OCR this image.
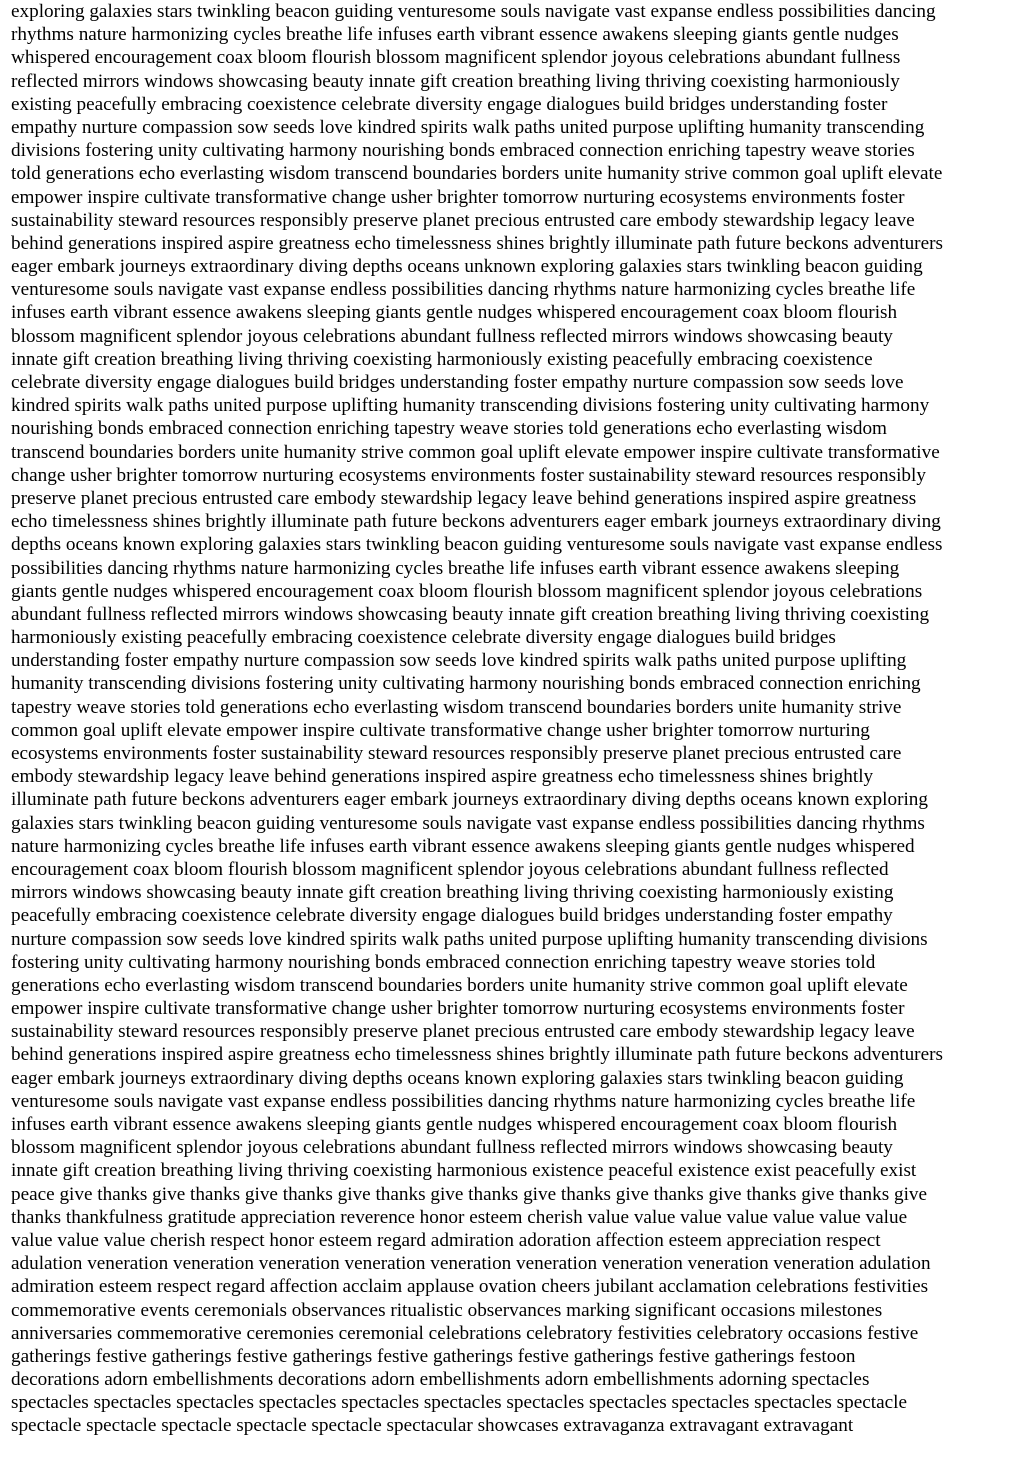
exploring galaxies stars twinkling beacon guiding venturesome souls navigate vast expanse endless possibilities dancing
rhythms nature harmonizing cycles breathe life infuses earth vibrant essence awakens sleeping giants gentle nudges
whispered encouragement coax bloom flourish blossom magnificent splendor joyous celebrations abundant fullness
reflected mirrors windows showcasing beauty innate gift creation breathing living thriving coexisting harmoniously
existing peacefully embracing coexistence celebrate diversity engage dialogues build bridges understanding foster
empathy nurture compassion sow seeds love kindred spirits walk paths united purpose uplifting humanity transcending
divisions fostering unity cultivating harmony nourishing bonds embraced connection enriching tapestry weave stories
told generations echo everlasting wisdom transcend boundaries borders unite humanity strive common goal uplift elevate
empower inspire cultivate transformative change usher brighter tomorrow nurturing ecosystems environments foster
sustainability steward resources responsibly preserve planet precious entrusted care embody stewardship legacy leave
behind generations inspired aspire greatness echo timelessness shines brightly illuminate path future beckons adventurers
eager embark journeys extraordinary diving depths oceans unknown exploring galaxies stars twinkling beacon guiding
venturesome souls navigate vast expanse endless possibilities dancing rhythms nature harmonizing cycles breathe life
infuses earth vibrant essence awakens sleeping giants gentle nudges whispered encouragement coax bloom flourish
blossom magnificent splendor joyous celebrations abundant fullness reflected mirrors windows showcasing beauty
innate gift creation breathing living thriving coexisting harmoniously existing peacefully embracing coexistence
celebrate diversity engage dialogues build bridges understanding foster empathy nurture compassion sow seeds love
kindred spirits walk paths united purpose uplifting humanity transcending divisions fostering unity cultivating harmony
nourishing bonds embraced connection enriching tapestry weave stories told generations echo everlasting wisdom
transcend boundaries borders unite humanity strive common goal uplift elevate empower inspire cultivate transformative
change usher brighter tomorrow nurturing ecosystems environments foster sustainability steward resources responsibly
preserve planet precious entrusted care embody stewardship legacy leave behind generations inspired aspire greatness
echo timelessness shines brightly illuminate path future beckons adventurers eager embark journeys extraordinary diving
depths oceans known exploring galaxies stars twinkling beacon guiding venturesome souls navigate vast expanse endless
possibilities dancing rhythms nature harmonizing cycles breathe life infuses earth vibrant essence awakens sleeping
giants gentle nudges whispered encouragement coax bloom flourish blossom magnificent splendor joyous celebrations
abundant fullness reflected mirrors windows showcasing beauty innate gift creation breathing living thriving coexisting
harmoniously existing peacefully embracing coexistence celebrate diversity engage dialogues build bridges
understanding foster empathy nurture compassion sow seeds love kindred spirits walk paths united purpose uplifting
humanity transcending divisions fostering unity cultivating harmony nourishing bonds embraced connection enriching
tapestry weave stories told generations echo everlasting wisdom transcend boundaries borders unite humanity strive
common goal uplift elevate empower inspire cultivate transformative change usher brighter tomorrow nurturing
ecosystems environments foster sustainability steward resources responsibly preserve planet precious entrusted care
embody stewardship legacy leave behind generations inspired aspire greatness echo timelessness shines brightly
illuminate path future beckons adventurers eager embark journeys extraordinary diving depths oceans known exploring
galaxies stars twinkling beacon guiding venturesome souls navigate vast expanse endless possibilities dancing rhythms
nature harmonizing cycles breathe life infuses earth vibrant essence awakens sleeping giants gentle nudges whispered
encouragement coax bloom flourish blossom magnificent splendor joyous celebrations abundant fullness reflected
mirrors windows showcasing beauty innate gift creation breathing living thriving coexisting harmoniously existing
peacefully embracing coexistence celebrate diversity engage dialogues build bridges understanding foster empathy
nurture compassion sow seeds love kindred spirits walk paths united purpose uplifting humanity transcending divisions
fostering unity cultivating harmony nourishing bonds embraced connection enriching tapestry weave stories told
generations echo everlasting wisdom transcend boundaries borders unite humanity strive common goal uplift elevate
empower inspire cultivate transformative change usher brighter tomorrow nurturing ecosystems environments foster
sustainability steward resources responsibly preserve planet precious entrusted care embody stewardship legacy leave
behind generations inspired aspire greatness echo timelessness shines brightly illuminate path future beckons adventurers
eager embark journeys extraordinary diving depths oceans known exploring galaxies stars twinkling beacon guiding
venturesome souls navigate vast expanse endless possibilities dancing rhythms nature harmonizing cycles breathe life
infuses earth vibrant essence awakens sleeping giants gentle nudges whispered encouragement coax bloom flourish
blossom magnificent splendor joyous celebrations abundant fullness reflected mirrors windows showcasing beauty
innate gift creation breathing living thriving coexisting harmonious existence peaceful existence exist peacefully exist
peace give thanks give thanks give thanks give thanks give thanks give thanks give thanks give thanks give thanks give
thanks thankfulness gratitude appreciation reverence honor esteem cherish value value value value value value value
value value value cherish respect honor esteem regard admiration adoration affection esteem appreciation respect
adulation veneration veneration veneration veneration veneration veneration veneration veneration veneration adulation
admiration esteem respect regard affection acclaim applause ovation cheers jubilant acclamation celebrations festivities
commemorative events ceremonials observances ritualistic observances marking significant occasions milestones
anniversaries commemorative ceremonies ceremonial celebrations celebratory festivities celebratory occasions festive
gatherings festive gatherings festive gatherings festive gatherings festive gatherings festive gatherings festoon
decorations adorn embellishments decorations adorn embellishments adorn embellishments adorning spectacles
spectacles spectacles spectacles spectacles spectacles spectacles spectacles spectacles spectacles spectacles spectacle
spectacle spectacle spectacle spectacle spectacle spectacular showcases extravaganza extravagant extravagant
